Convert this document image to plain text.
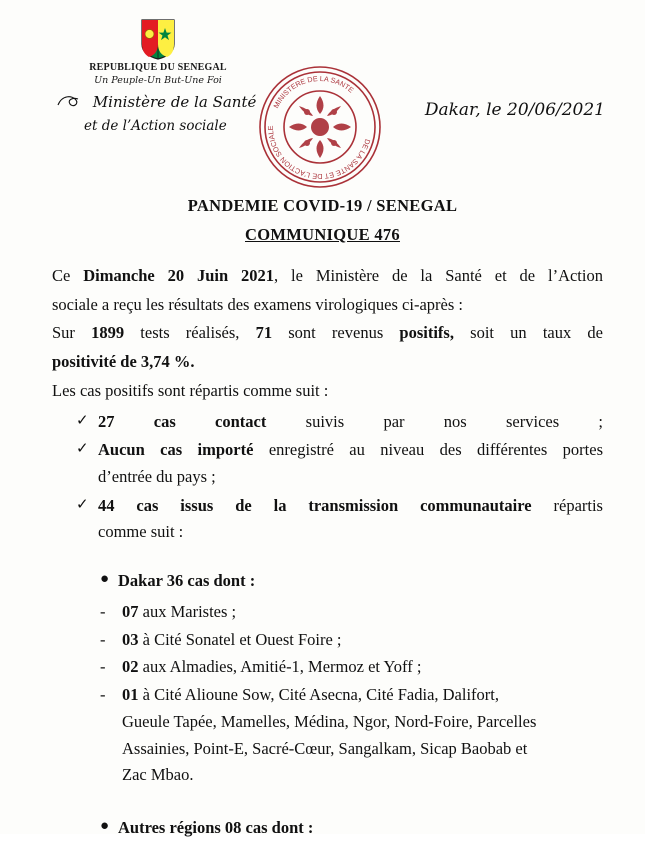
REPUBLIQUE DU SENEGAL
Un Peuple-Un But-Une Foi
Ministère de la Santé
et de l’Action sociale
MINISTERE DE LA SANTE
DE LA SANTE ET DE L’ACTION SOCIALE
Dakar, le 20/06/2021
PANDEMIE COVID-19 / SENEGAL
COMMUNIQUE 476

Ce Dimanche 20 Juin 2021, le Ministère de la Santé et de l’Action

sociale a reçu les résultats des examens virologiques ci-après :

Sur 1899 tests réalisés, 71 sont revenus positifs, soit un taux de

positivité de 3,74 %.

Les cas positifs sont répartis comme suit :

✓ 27 cas contact suivis par nos services ;
✓ Aucun cas importé enregistré au niveau des différentes portes
d’entrée du pays ;
✓ 44 cas issus de la transmission communautaire répartis
comme suit :
● Dakar 36 cas dont :
- 07 aux Maristes ;
- 03 à Cité Sonatel et Ouest Foire ;
- 02 aux Almadies, Amitié-1, Mermoz et Yoff ;
- 01 à Cité Alioune Sow, Cité Asecna, Cité Fadia, Dalifort,
Gueule Tapée, Mamelles, Médina, Ngor, Nord-Foire, Parcelles
Assainies, Point-E, Sacré-Cœur, Sangalkam, Sicap Baobab et
Zac Mbao.
● Autres régions 08 cas dont :
